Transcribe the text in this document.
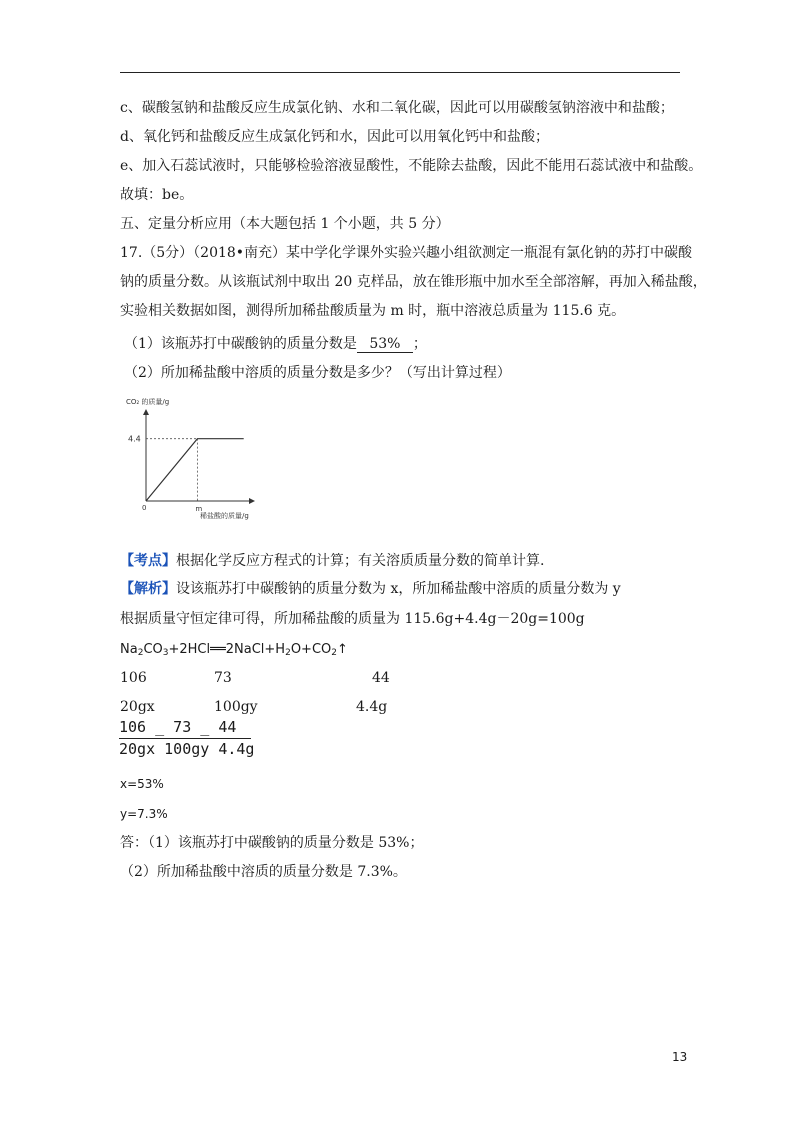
c、碳酸氢钠和盐酸反应生成氯化钠、水和二氧化碳，因此可以用碳酸氢钠溶液中和盐酸；
d、氧化钙和盐酸反应生成氯化钙和水，因此可以用氧化钙中和盐酸；
e、加入石蕊试液时，只能够检验溶液显酸性，不能除去盐酸，因此不能用石蕊试液中和盐酸。
故填：be。
五、定量分析应用（本大题包括 1 个小题，共 5 分）
17.（5分）（2018•南充）某中学化学课外实验兴趣小组欲测定一瓶混有氯化钠的苏打中碳酸
钠的质量分数。从该瓶试剂中取出 20 克样品，放在锥形瓶中加水至全部溶解，再加入稀盐酸，
实验相关数据如图，测得所加稀盐酸质量为 m 时，瓶中溶液总质量为 115.6 克。
（1）该瓶苏打中碳酸钠的质量分数是 53% ；
（2）所加稀盐酸中溶质的质量分数是多少？（写出计算过程）
CO₂ 的质量/g
4.4
m
稀盐酸的质量/g
0
【考点】根据化学反应方程式的计算；有关溶质质量分数的简单计算.
【解析】设该瓶苏打中碳酸钠的质量分数为 x，所加稀盐酸中溶质的质量分数为 y
根据质量守恒定律可得，所加稀盐酸的质量为 115.6g+4.4g－20g=100g
$Na_2CO_3+2HCl══2NaCl+H_2O+CO_2↑$
106	73	44
20gx	100gy	4.4g
106 _ 73 _ 44
20gx 100gy 4.4g
x=53%
y=7.3%
答：（1）该瓶苏打中碳酸钠的质量分数是 53%；
（2）所加稀盐酸中溶质的质量分数是 7.3%。
13
